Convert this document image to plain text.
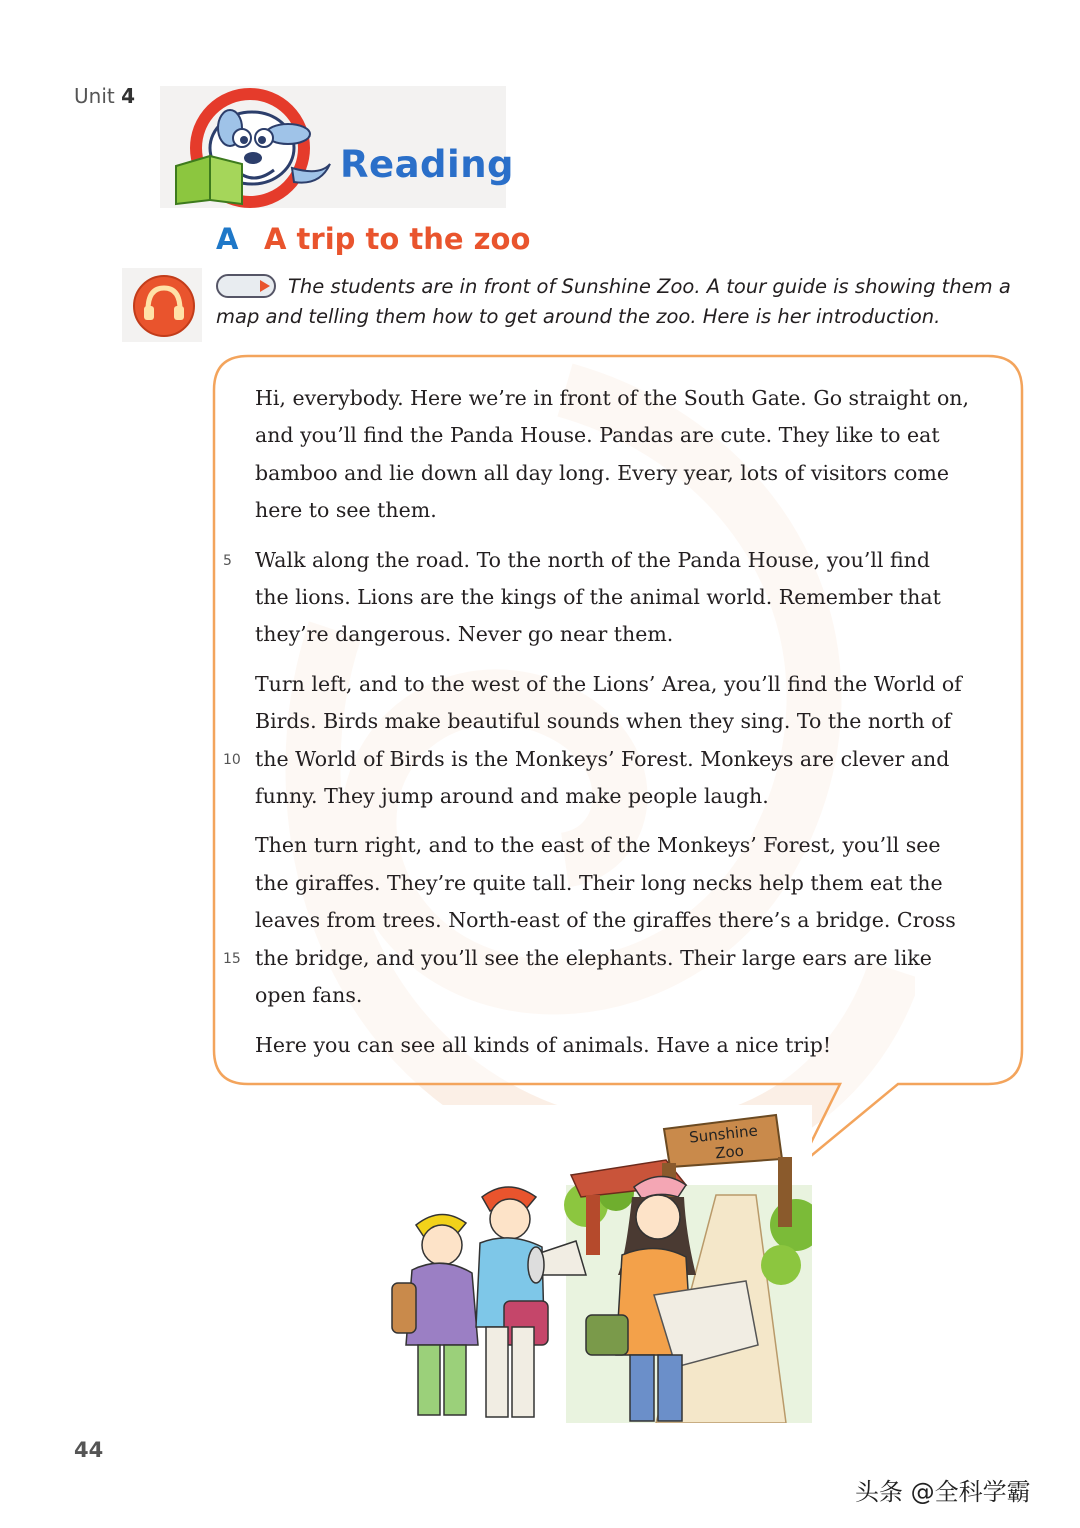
Unit 4
Reading
A A trip to the zoo
The students are in front of Sunshine Zoo. A tour guide is showing them a
map and telling them how to get around the zoo. Here is her introduction.
Hi, everybody. Here we’re in front of the South Gate. Go straight on,
and you’ll find the Panda House. Pandas are cute. They like to eat
bamboo and lie down all day long. Every year, lots of visitors come
here to see them.
5 Walk along the road. To the north of the Panda House, you’ll find
the lions. Lions are the kings of the animal world. Remember that
they’re dangerous. Never go near them.
Turn left, and to the west of the Lions’ Area, you’ll find the World of
Birds. Birds make beautiful sounds when they sing. To the north of
10 the World of Birds is the Monkeys’ Forest. Monkeys are clever and
funny. They jump around and make people laugh.
Then turn right, and to the east of the Monkeys’ Forest, you’ll see
the giraffes. They’re quite tall. Their long necks help them eat the
leaves from trees. North-east of the giraffes there’s a bridge. Cross
15 the bridge, and you’ll see the elephants. Their large ears are like
open fans.
Here you can see all kinds of animals. Have a nice trip!
Sunshine
Zoo
44
头条 @全科学霸
